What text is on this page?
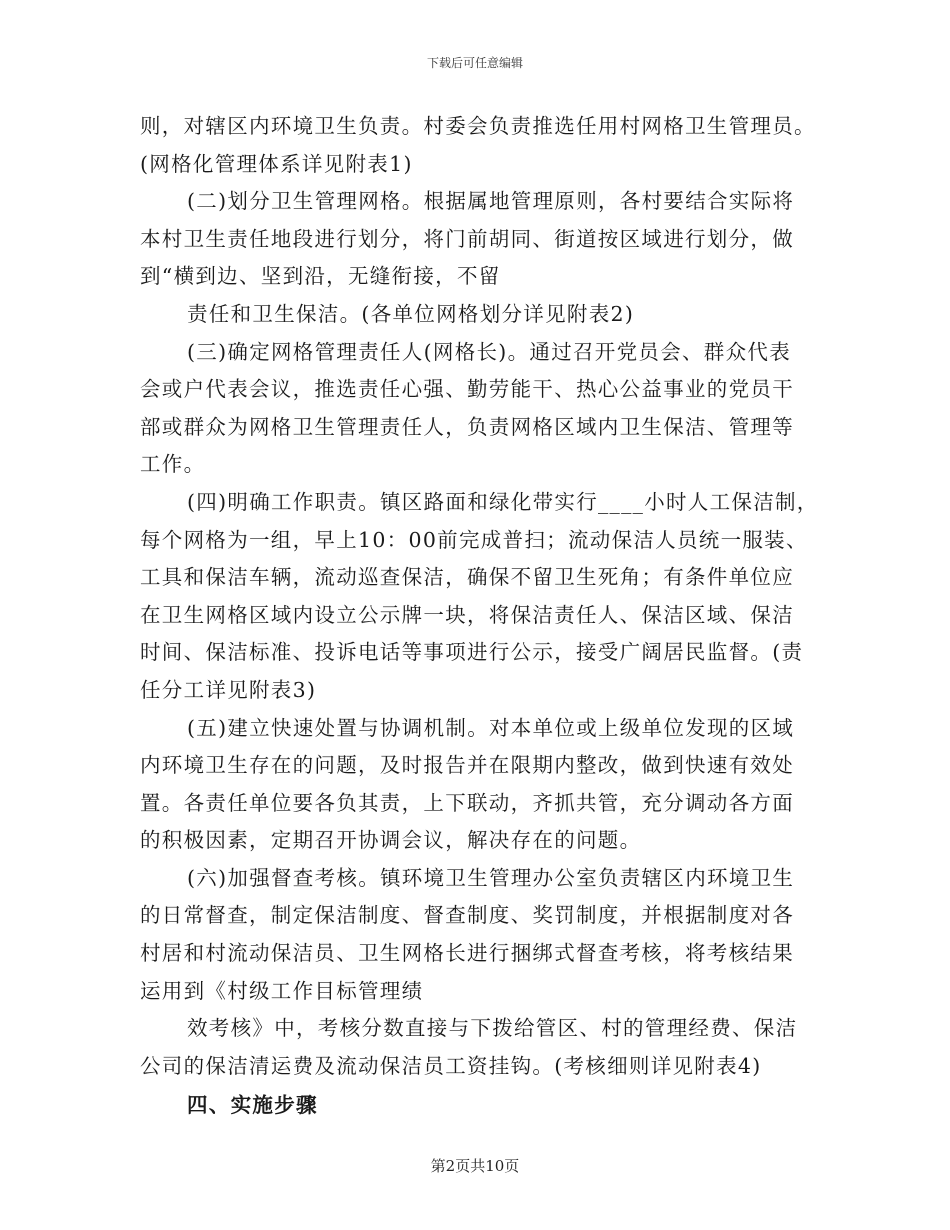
下载后可任意编辑
则，对辖区内环境卫生负责。村委会负责推选任用村网格卫生管理员。
(网格化管理体系详见附表1)
(二)划分卫生管理网格。根据属地管理原则，各村要结合实际将
本村卫生责任地段进行划分，将门前胡同、街道按区域进行划分，做
到“横到边、坚到沿，无缝衔接，不留
责任和卫生保洁。(各单位网格划分详见附表2)
(三)确定网格管理责任人(网格长)。通过召开党员会、群众代表
会或户代表会议，推选责任心强、勤劳能干、热心公益事业的党员干
部或群众为网格卫生管理责任人，负责网格区域内卫生保洁、管理等
工作。
(四)明确工作职责。镇区路面和绿化带实行____小时人工保洁制，
每个网格为一组，早上10：00前完成普扫；流动保洁人员统一服装、
工具和保洁车辆，流动巡查保洁，确保不留卫生死角；有条件单位应
在卫生网格区域内设立公示牌一块，将保洁责任人、保洁区域、保洁
时间、保洁标准、投诉电话等事项进行公示，接受广阔居民监督。(责
任分工详见附表3)
(五)建立快速处置与协调机制。对本单位或上级单位发现的区域
内环境卫生存在的问题，及时报告并在限期内整改，做到快速有效处
置。各责任单位要各负其责，上下联动，齐抓共管，充分调动各方面
的积极因素，定期召开协调会议，解决存在的问题。
(六)加强督查考核。镇环境卫生管理办公室负责辖区内环境卫生
的日常督查，制定保洁制度、督查制度、奖罚制度，并根据制度对各
村居和村流动保洁员、卫生网格长进行捆绑式督查考核，将考核结果
运用到《村级工作目标管理绩
效考核》中，考核分数直接与下拨给管区、村的管理经费、保洁
公司的保洁清运费及流动保洁员工资挂钩。(考核细则详见附表4)
四、实施步骤
第2页共10页
